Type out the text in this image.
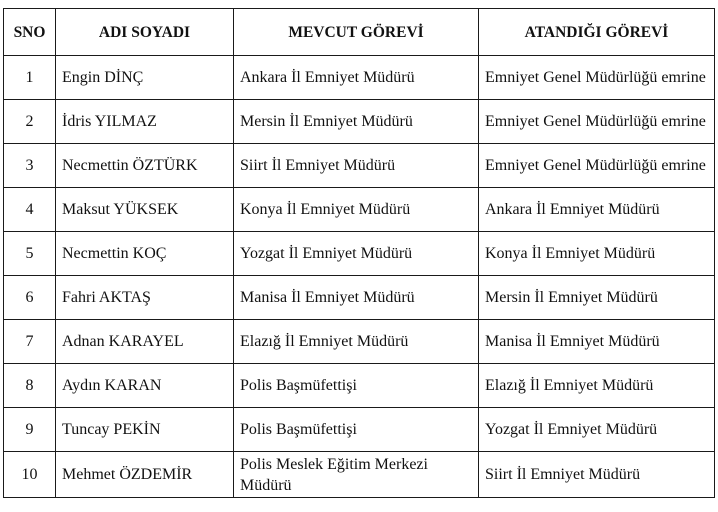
SNO	ADI SOYADI	MEVCUT GÖREVİ	ATANDIĞI GÖREVİ
1	Engin DİNÇ	Ankara İl Emniyet Müdürü	Emniyet Genel Müdürlüğü emrine
2	İdris YILMAZ	Mersin İl Emniyet Müdürü	Emniyet Genel Müdürlüğü emrine
3	Necmettin ÖZTÜRK	Siirt İl Emniyet Müdürü	Emniyet Genel Müdürlüğü emrine
4	Maksut YÜKSEK	Konya İl Emniyet Müdürü	Ankara İl Emniyet Müdürü
5	Necmettin KOÇ	Yozgat İl Emniyet Müdürü	Konya İl Emniyet Müdürü
6	Fahri AKTAŞ	Manisa İl Emniyet Müdürü	Mersin İl Emniyet Müdürü
7	Adnan KARAYEL	Elazığ İl Emniyet Müdürü	Manisa İl Emniyet Müdürü
8	Aydın KARAN	Polis Başmüfettişi	Elazığ İl Emniyet Müdürü
9	Tuncay PEKİN	Polis Başmüfettişi	Yozgat İl Emniyet Müdürü
10	Mehmet ÖZDEMİR	Polis Meslek Eğitim Merkezi Müdürü	Siirt İl Emniyet Müdürü
